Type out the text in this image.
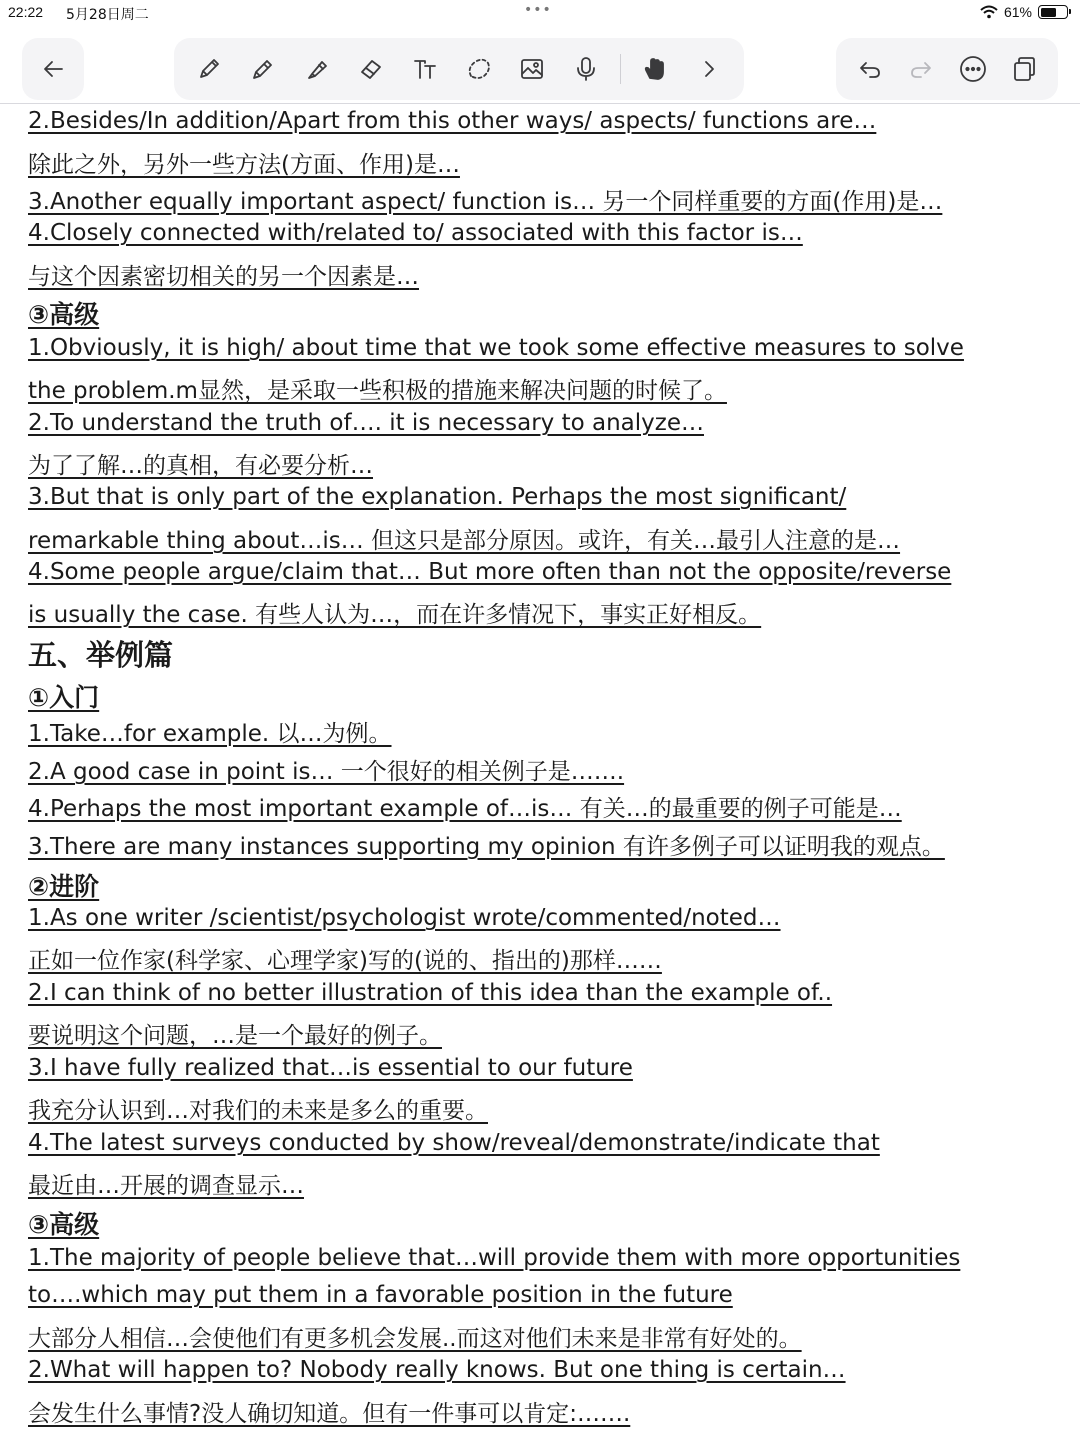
22:22 5月28日周二	•••	61%
2.Besides/In addition/Apart from this other ways/ aspects/ functions are…
除此之外，另外一些方法(方面、作用)是…
3.Another equally important aspect/ function is… 另一个同样重要的方面(作用)是…
4.Closely connected with/related to/ associated with this factor is…
与这个因素密切相关的另一个因素是…
③高级
1.Obviously, it is high/ about time that we took some effective measures to solve
the problem.m显然，是采取一些积极的措施来解决问题的时候了。
2.To understand the truth of…. it is necessary to analyze…
为了了解…的真相，有必要分析…
3.But that is only part of the explanation. Perhaps the most significant/
remarkable thing about…is… 但这只是部分原因。或许，有关…最引人注意的是…
4.Some people argue/claim that… But more often than not the opposite/reverse
is usually the case. 有些人认为…，而在许多情况下，事实正好相反。
五、举例篇
①入门
1.Take…for example. 以…为例。
2.A good case in point is… 一个很好的相关例子是…….
4.Perhaps the most important example of…is… 有关…的最重要的例子可能是…
3.There are many instances supporting my opinion 有许多例子可以证明我的观点。
②进阶
1.As one writer /scientist/psychologist wrote/commented/noted…
正如一位作家(科学家、心理学家)写的(说的、指出的)那样……
2.I can think of no better illustration of this idea than the example of..
要说明这个问题，…是一个最好的例子。
3.I have fully realized that…is essential to our future
我充分认识到…对我们的未来是多么的重要。
4.The latest surveys conducted by show/reveal/demonstrate/indicate that
最近由…开展的调查显示…
③高级
1.The majority of people believe that…will provide them with more opportunities
to….which may put them in a favorable position in the future
大部分人相信…会使他们有更多机会发展..而这对他们未来是非常有好处的。
2.What will happen to? Nobody really knows. But one thing is certain…
会发生什么事情?没人确切知道。但有一件事可以肯定:…….
